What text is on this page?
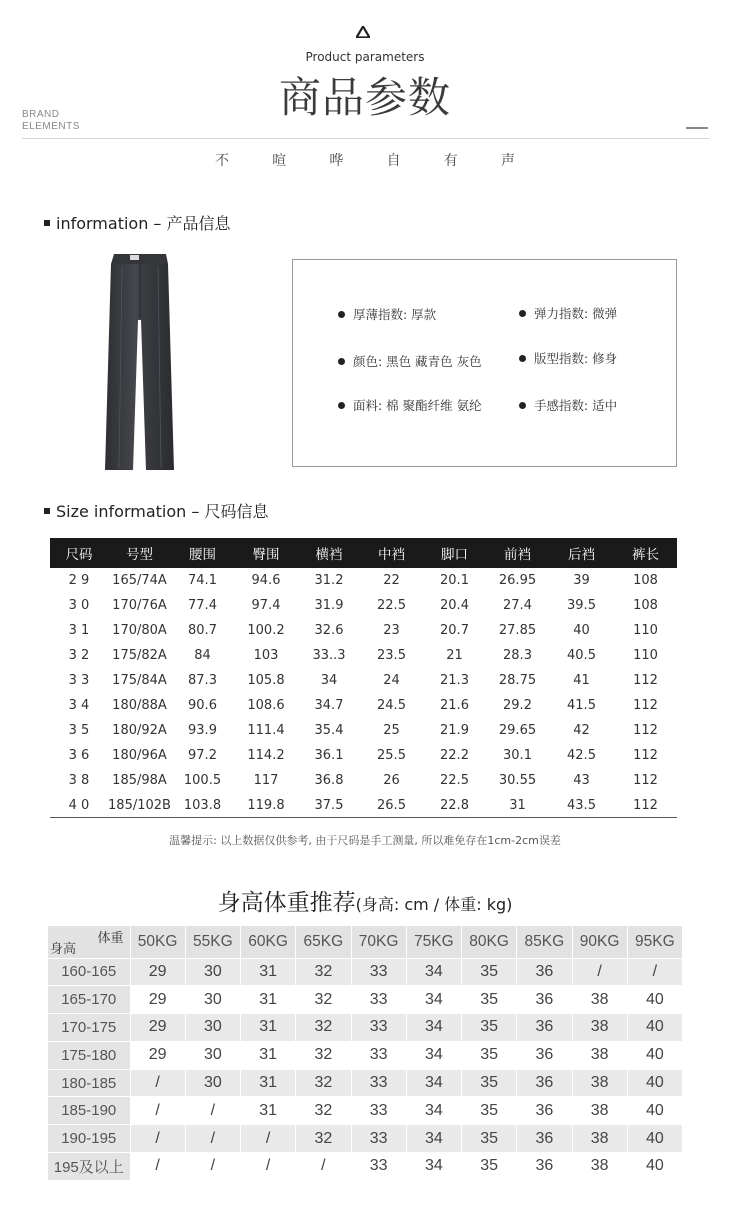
Product parameters
商品参数
BRAND
ELEMENTS
不	喧	哗	自	有	声
information – 产品信息
厚薄指数: 厚款
颜色: 黑色 藏青色 灰色
面料: 棉 聚酯纤维 氨纶
弹力指数: 微弹
版型指数: 修身
手感指数: 适中
Size information – 尺码信息
尺码	号型	腰围	臀围	横裆	中裆	脚口	前裆	后裆	裤长
2 9	165/74A	74.1	94.6	31.2	22	20.1	26.95	39	108
3 0	170/76A	77.4	97.4	31.9	22.5	20.4	27.4	39.5	108
3 1	170/80A	80.7	100.2	32.6	23	20.7	27.85	40	110
3 2	175/82A	84	103	33..3	23.5	21	28.3	40.5	110
3 3	175/84A	87.3	105.8	34	24	21.3	28.75	41	112
3 4	180/88A	90.6	108.6	34.7	24.5	21.6	29.2	41.5	112
3 5	180/92A	93.9	111.4	35.4	25	21.9	29.65	42	112
3 6	180/96A	97.2	114.2	36.1	25.5	22.2	30.1	42.5	112
3 8	185/98A	100.5	117	36.8	26	22.5	30.55	43	112
4 0	185/102B	103.8	119.8	37.5	26.5	22.8	31	43.5	112
温馨提示: 以上数据仅供参考, 由于尺码是手工测量, 所以难免存在1cm-2cm误差
身高体重推荐(身高: cm / 体重: kg)
体重
身高	50KG	55KG	60KG	65KG	70KG	75KG	80KG	85KG	90KG	95KG
160-165	29	30	31	32	33	34	35	36	/	/
165-170	29	30	31	32	33	34	35	36	38	40
170-175	29	30	31	32	33	34	35	36	38	40
175-180	29	30	31	32	33	34	35	36	38	40
180-185	/	30	31	32	33	34	35	36	38	40
185-190	/	/	31	32	33	34	35	36	38	40
190-195	/	/	/	32	33	34	35	36	38	40
195及以上	/	/	/	/	33	34	35	36	38	40
